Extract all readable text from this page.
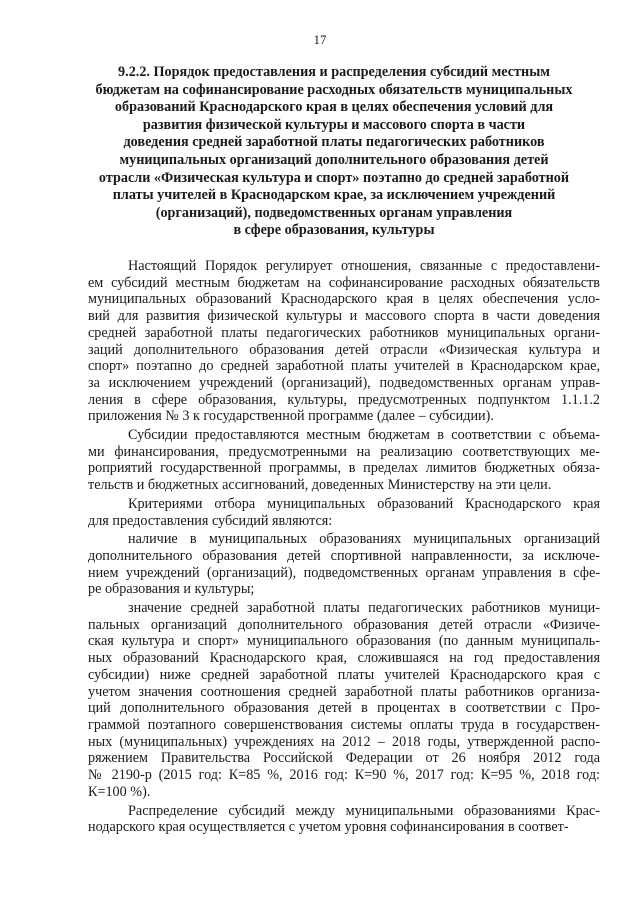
17
9.2.2. Порядок предоставления и распределения субсидий местным
бюджетам на софинансирование расходных обязательств муниципальных
образований Краснодарского края в целях обеспечения условий для
развития физической культуры и массового спорта в части
доведения средней заработной платы педагогических работников
муниципальных организаций дополнительного образования детей
отрасли «Физическая культура и спорт» поэтапно до средней заработной
платы учителей в Краснодарском крае, за исключением учреждений
(организаций), подведомственных органам управления
в сфере образования, культуры

Настоящий Порядок регулирует отношения, связанные с предоставлени-
ем субсидий местным бюджетам на софинансирование расходных обязательств
муниципальных образований Краснодарского края в целях обеспечения усло-
вий для развития физической культуры и массового спорта в части доведения
средней заработной платы педагогических работников муниципальных органи-
заций дополнительного образования детей отрасли «Физическая культура и
спорт» поэтапно до средней заработной платы учителей в Краснодарском крае,
за исключением учреждений (организаций), подведомственных органам управ-
ления в сфере образования, культуры, предусмотренных подпунктом 1.1.1.2
приложения № 3 к государственной программе (далее – субсидии).

Субсидии предоставляются местным бюджетам в соответствии с объема-
ми финансирования, предусмотренными на реализацию соответствующих ме-
роприятий государственной программы, в пределах лимитов бюджетных обяза-
тельств и бюджетных ассигнований, доведенных Министерству на эти цели.

Критериями отбора муниципальных образований Краснодарского края
для предоставления субсидий являются:

наличие в муниципальных образованиях муниципальных организаций
дополнительного образования детей спортивной направленности, за исключе-
нием учреждений (организаций), подведомственных органам управления в сфе-
ре образования и культуры;

значение средней заработной платы педагогических работников муници-
пальных организаций дополнительного образования детей отрасли «Физиче-
ская культура и спорт» муниципального образования (по данным муниципаль-
ных образований Краснодарского края, сложившаяся на год предоставления
субсидии) ниже средней заработной платы учителей Краснодарского края с
учетом значения соотношения средней заработной платы работников организа-
ций дополнительного образования детей в процентах в соответствии с Про-
граммой поэтапного совершенствования системы оплаты труда в государствен-
ных (муниципальных) учреждениях на 2012 – 2018 годы, утвержденной распо-
ряжением Правительства Российской Федерации от 26 ноября 2012 года
№ 2190-р (2015 год: К=85 %, 2016 год: К=90 %, 2017 год: К=95 %, 2018 год:
К=100 %).

Распределение субсидий между муниципальными образованиями Крас-
нодарского края осуществляется с учетом уровня софинансирования в соответ-
